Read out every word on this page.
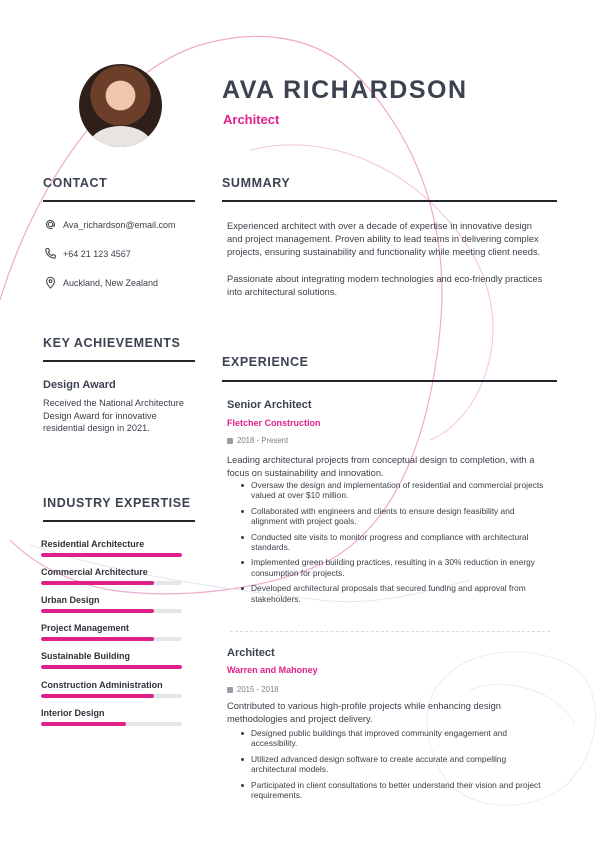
AVA RICHARDSON
Architect
CONTACT
Ava_richardson@email.com
+64 21 123 4567
Auckland, New Zealand
KEY ACHIEVEMENTS
Design Award
Received the National Architecture Design Award for innovative residential design in 2021.
INDUSTRY EXPERTISE
Residential Architecture
Commercial Architecture
Urban Design
Project Management
Sustainable Building
Construction Administration
Interior Design
SUMMARY

Experienced architect with over a decade of expertise in innovative design and project management. Proven ability to lead teams in delivering complex projects, ensuring sustainability and functionality while meeting client needs.

Passionate about integrating modern technologies and eco-friendly practices into architectural solutions.

EXPERIENCE
Senior Architect
Fletcher Construction
2018 - Present
Leading architectural projects from conceptual design to completion, with a focus on sustainability and innovation.
Oversaw the design and implementation of residential and commercial projects valued at over $10 million.
Collaborated with engineers and clients to ensure design feasibility and alignment with project goals.
Conducted site visits to monitor progress and compliance with architectural standards.
Implemented green building practices, resulting in a 30% reduction in energy consumption for projects.
Developed architectural proposals that secured funding and approval from stakeholders.
Architect
Warren and Mahoney
2015 - 2018
Contributed to various high-profile projects while enhancing design methodologies and project delivery.
Designed public buildings that improved community engagement and accessibility.
Utilized advanced design software to create accurate and compelling architectural models.
Participated in client consultations to better understand their vision and project requirements.
